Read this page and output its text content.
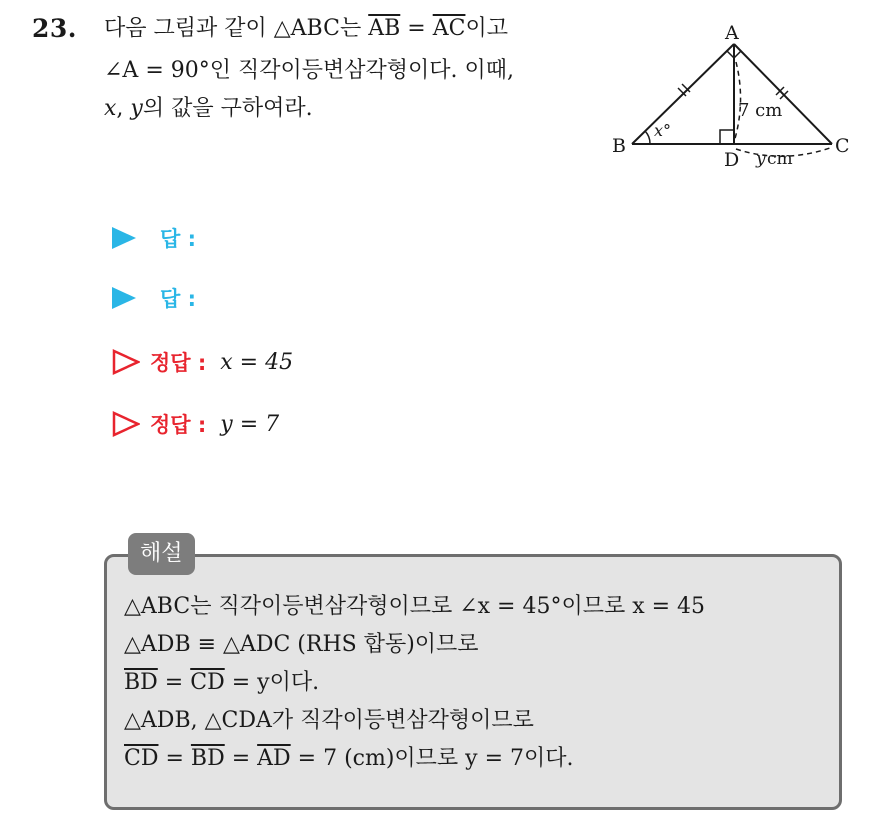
23. 다음 그림과 같이 △ABC는 $\overline{AB} = \overline{AC}$이고
∠A = 90°인 직각이등변삼각형이다. 이때,
x, y의 값을 구하여라.
A
B	C
D
x°
7 cm
y cm
답 :
답 :
정답 : x = 45
정답 : y = 7
해설
△ABC는 직각이등변삼각형이므로 ∠x = 45°이므로 x = 45
△ADB ≡ △ADC (RHS 합동)이므로
$\overline{BD} = \overline{CD} = y$이다.
△ADB, △CDA가 직각이등변삼각형이므로
$\overline{CD} = \overline{BD} = \overline{AD} = 7$ (cm)이므로 y = 7이다.
